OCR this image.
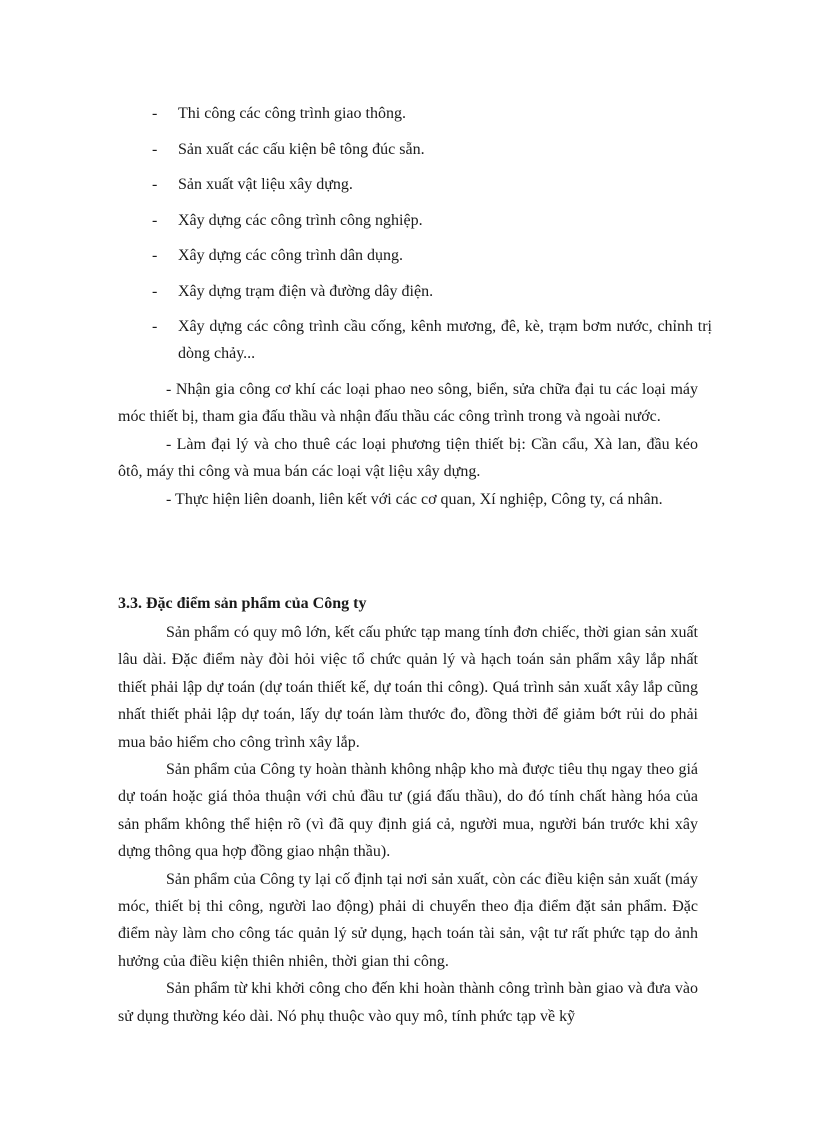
- Thi công các công trình giao thông.
- Sản xuất các cấu kiện bê tông đúc sẵn.
- Sản xuất vật liệu xây dựng.
- Xây dựng các công trình công nghiệp.
- Xây dựng các công trình dân dụng.
- Xây dựng trạm điện và đường dây điện.
- Xây dựng các công trình cầu cống, kênh mương, đê, kè, trạm bơm nước, chỉnh trị dòng chảy...

- Nhận gia công cơ khí các loại phao neo sông, biển, sửa chữa đại tu các loại máy móc thiết bị, tham gia đấu thầu và nhận đấu thầu các công trình trong và ngoài nước.

- Làm đại lý và cho thuê các loại phương tiện thiết bị: Cần cẩu, Xà lan, đầu kéo ôtô, máy thi công và mua bán các loại vật liệu xây dựng.

- Thực hiện liên doanh, liên kết với các cơ quan, Xí nghiệp, Công ty, cá nhân.

3.3. Đặc điểm sản phẩm của Công ty

Sản phẩm có quy mô lớn, kết cấu phức tạp mang tính đơn chiếc, thời gian sản xuất lâu dài. Đặc điểm này đòi hỏi việc tổ chức quản lý và hạch toán sản phẩm xây lắp nhất thiết phải lập dự toán (dự toán thiết kế, dự toán thi công). Quá trình sản xuất xây lắp cũng nhất thiết phải lập dự toán, lấy dự toán làm thước đo, đồng thời để giảm bớt rủi do phải mua bảo hiểm cho công trình xây lắp.

Sản phẩm của Công ty hoàn thành không nhập kho mà được tiêu thụ ngay theo giá dự toán hoặc giá thỏa thuận với chủ đầu tư (giá đấu thầu), do đó tính chất hàng hóa của sản phẩm không thể hiện rõ (vì đã quy định giá cả, người mua, người bán trước khi xây dựng thông qua hợp đồng giao nhận thầu).

Sản phẩm của Công ty lại cố định tại nơi sản xuất, còn các điều kiện sản xuất (máy móc, thiết bị thi công, người lao động) phải di chuyển theo địa điểm đặt sản phẩm. Đặc điểm này làm cho công tác quản lý sử dụng, hạch toán tài sản, vật tư rất phức tạp do ảnh hưởng của điều kiện thiên nhiên, thời gian thi công.

Sản phẩm từ khi khởi công cho đến khi hoàn thành công trình bàn giao và đưa vào sử dụng thường kéo dài. Nó phụ thuộc vào quy mô, tính phức tạp về kỹ
